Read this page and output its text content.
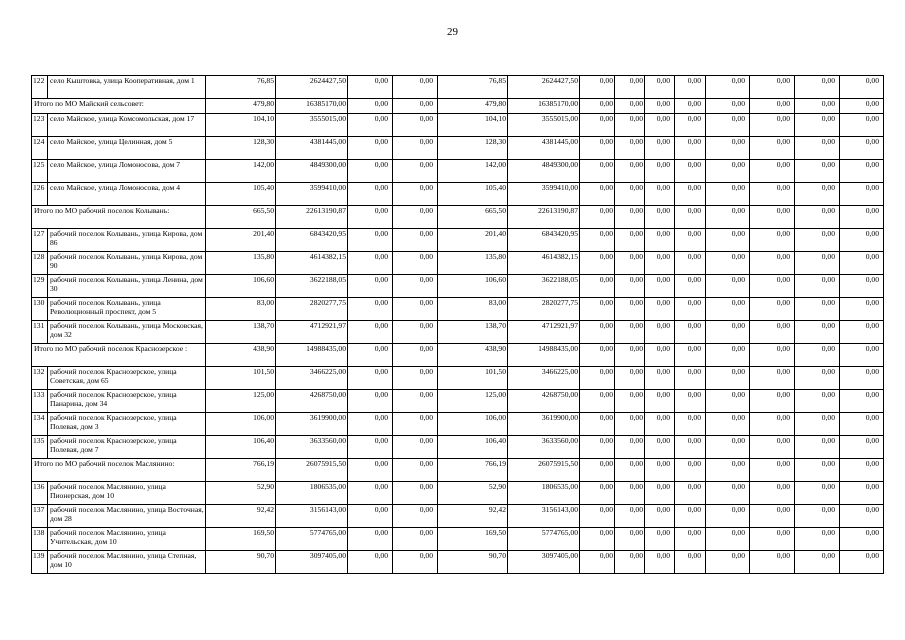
29
122	село Кыштовка, улица Кооперативная, дом 1	76,85	2624427,50	0,00	0,00	76,85	2624427,50	0,00	0,00	0,00	0,00	0,00	0,00	0,00	0,00
Итого по МО Майский сельсовет:		479,80	16385170,00	0,00	0,00	479,80	16385170,00	0,00	0,00	0,00	0,00	0,00	0,00	0,00	0,00
123	село Майское, улица Комсомольская, дом 17	104,10	3555015,00	0,00	0,00	104,10	3555015,00	0,00	0,00	0,00	0,00	0,00	0,00	0,00	0,00
124	село Майское, улица Целинная, дом 5	128,30	4381445,00	0,00	0,00	128,30	4381445,00	0,00	0,00	0,00	0,00	0,00	0,00	0,00	0,00
125	село Майское, улица Ломоносова, дом 7	142,00	4849300,00	0,00	0,00	142,00	4849300,00	0,00	0,00	0,00	0,00	0,00	0,00	0,00	0,00
126	село Майское, улица Ломоносова, дом 4	105,40	3599410,00	0,00	0,00	105,40	3599410,00	0,00	0,00	0,00	0,00	0,00	0,00	0,00	0,00
Итого по МО рабочий поселок Колывань:		665,50	22613190,87	0,00	0,00	665,50	22613190,87	0,00	0,00	0,00	0,00	0,00	0,00	0,00	0,00
127	рабочий поселок Колывань, улица Кирова, дом 86	201,40	6843420,95	0,00	0,00	201,40	6843420,95	0,00	0,00	0,00	0,00	0,00	0,00	0,00	0,00
128	рабочий поселок Колывань, улица Кирова, дом 90	135,80	4614382,15	0,00	0,00	135,80	4614382,15	0,00	0,00	0,00	0,00	0,00	0,00	0,00	0,00
129	рабочий поселок Колывань, улица Ленина, дом 30	106,60	3622188,05	0,00	0,00	106,60	3622188,05	0,00	0,00	0,00	0,00	0,00	0,00	0,00	0,00
130	рабочий поселок Колывань, улица Революционный проспект, дом 5	83,00	2820277,75	0,00	0,00	83,00	2820277,75	0,00	0,00	0,00	0,00	0,00	0,00	0,00	0,00
131	рабочий поселок Колывань, улица Московская, дом 32	138,70	4712921,97	0,00	0,00	138,70	4712921,97	0,00	0,00	0,00	0,00	0,00	0,00	0,00	0,00
Итого по МО рабочий поселок Краснозерское :		438,90	14988435,00	0,00	0,00	438,90	14988435,00	0,00	0,00	0,00	0,00	0,00	0,00	0,00	0,00
132	рабочий поселок Краснозерское, улица Советская, дом 65	101,50	3466225,00	0,00	0,00	101,50	3466225,00	0,00	0,00	0,00	0,00	0,00	0,00	0,00	0,00
133	рабочий поселок Краснозерское, улица Панарина, дом 34	125,00	4268750,00	0,00	0,00	125,00	4268750,00	0,00	0,00	0,00	0,00	0,00	0,00	0,00	0,00
134	рабочий поселок Краснозерское, улица Полевая, дом 3	106,00	3619900,00	0,00	0,00	106,00	3619900,00	0,00	0,00	0,00	0,00	0,00	0,00	0,00	0,00
135	рабочий поселок Краснозерское, улица Полевая, дом 7	106,40	3633560,00	0,00	0,00	106,40	3633560,00	0,00	0,00	0,00	0,00	0,00	0,00	0,00	0,00
Итого по МО рабочий поселок Маслянино:		766,19	26075915,50	0,00	0,00	766,19	26075915,50	0,00	0,00	0,00	0,00	0,00	0,00	0,00	0,00
136	рабочий поселок Маслянино, улица Пионерская, дом 10	52,90	1806535,00	0,00	0,00	52,90	1806535,00	0,00	0,00	0,00	0,00	0,00	0,00	0,00	0,00
137	рабочий поселок Маслянино, улица Восточная, дом 28	92,42	3156143,00	0,00	0,00	92,42	3156143,00	0,00	0,00	0,00	0,00	0,00	0,00	0,00	0,00
138	рабочий поселок Маслянино, улица Учительская, дом 10	169,50	5774765,00	0,00	0,00	169,50	5774765,00	0,00	0,00	0,00	0,00	0,00	0,00	0,00	0,00
139	рабочий поселок Маслянино, улица Степная, дом 10	90,70	3097405,00	0,00	0,00	90,70	3097405,00	0,00	0,00	0,00	0,00	0,00	0,00	0,00	0,00
